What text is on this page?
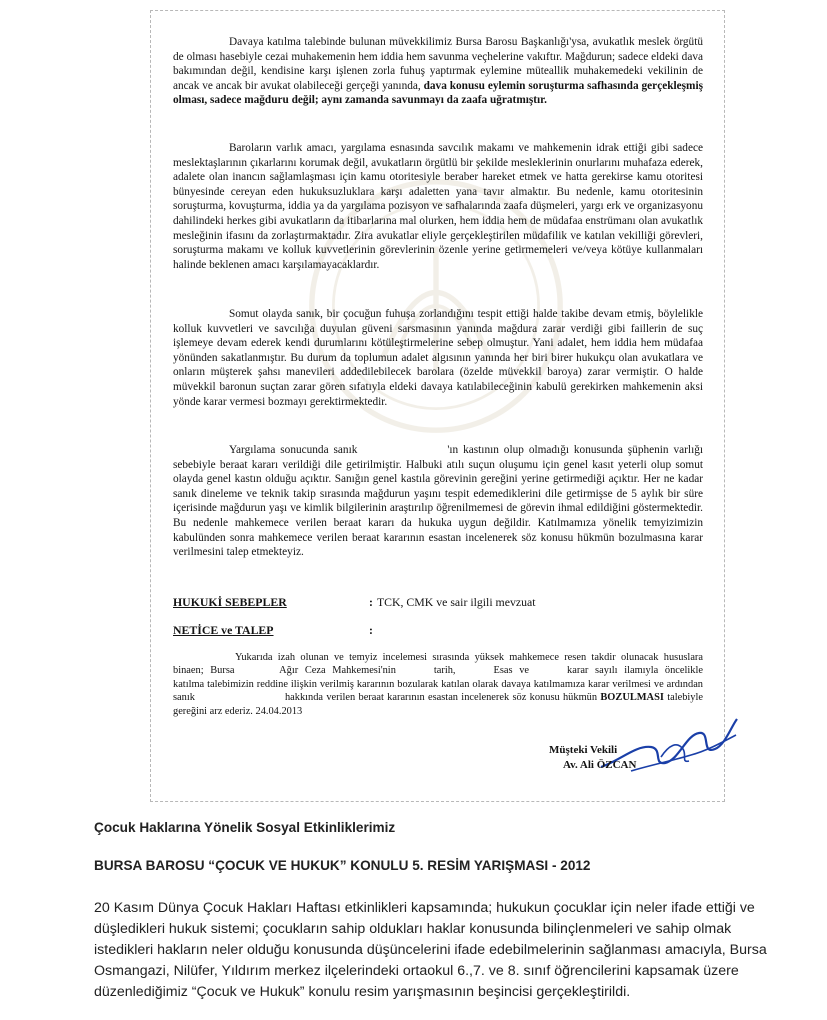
Davaya katılma talebinde bulunan müvekkilimiz Bursa Barosu Başkanlığı'ysa, avukatlık meslek örgütü de olması hasebiyle cezai muhakemenin hem iddia hem savunma veçhelerine vakıftır. Mağdurun; sadece eldeki dava bakımından değil, kendisine karşı işlenen zorla fuhuş yaptırmak eylemine müteallik muhakemedeki vekilinin de ancak ve ancak bir avukat olabileceği gerçeği yanında, dava konusu eylemin soruşturma safhasında gerçekleşmiş olması, sadece mağduru değil; aynı zamanda savunmayı da zaafa uğratmıştır.

Baroların varlık amacı, yargılama esnasında savcılık makamı ve mahkemenin idrak ettiği gibi sadece meslektaşlarının çıkarlarını korumak değil, avukatların örgütlü bir şekilde mesleklerinin onurlarını muhafaza ederek, adalete olan inancın sağlamlaşması için kamu otoritesiyle beraber hareket etmek ve hatta gerekirse kamu otoritesi bünyesinde cereyan eden hukuksuzluklara karşı adaletten yana tavır almaktır. Bu nedenle, kamu otoritesinin soruşturma, kovuşturma, iddia ya da yargılama pozisyon ve safhalarında zaafa düşmeleri, yargı erk ve organizasyonu dahilindeki herkes gibi avukatların da itibarlarına mal olurken, hem iddia hem de müdafaa enstrümanı olan avukatlık mesleğinin ifasını da zorlaştırmaktadır. Zira avukatlar eliyle gerçekleştirilen müdafilik ve katılan vekilliği görevleri, soruşturma makamı ve kolluk kuvvetlerinin görevlerinin özenle yerine getirmemeleri ve/veya kötüye kullanmaları halinde beklenen amacı karşılamayacaklardır.

Somut olayda sanık, bir çocuğun fuhuşa zorlandığını tespit ettiği halde takibe devam etmiş, böylelikle kolluk kuvvetleri ve savcılığa duyulan güveni sarsmasının yanında mağdura zarar verdiği gibi faillerin de suç işlemeye devam ederek kendi durumlarını kötüleştirmelerine sebep olmuştur. Yani adalet, hem iddia hem müdafaa yönünden sakatlanmıştır. Bu durum da toplumun adalet algısının yanında her biri birer hukukçu olan avukatlara ve onların müşterek şahsı manevileri addedilebilecek barolara (özelde müvekkil baroya) zarar vermiştir. O halde müvekkil baronun suçtan zarar gören sıfatıyla eldeki davaya katılabileceğinin kabulü gerekirken mahkemenin aksi yönde karar vermesi bozmayı gerektirmektedir.

Yargılama sonucunda sanık	'ın kastının olup olmadığı konusunda şüphenin varlığı sebebiyle beraat kararı verildiği dile getirilmiştir. Halbuki atılı suçun oluşumu için genel kasıt yeterli olup somut olayda genel kastın olduğu açıktır. Sanığın genel kastıla görevinin gereğini yerine getirmediği açıktır. Her ne kadar sanık dineleme ve teknik takip sırasında mağdurun yaşını tespit edemediklerini dile getirmişse de 5 aylık bir süre içerisinde mağdurun yaşı ve kimlik bilgilerinin araştırılıp öğrenilmemesi de görevin ihmal edildiğini göstermektedir. Bu nedenle mahkemece verilen beraat kararı da hukuka uygun değildir. Katılmamıza yönelik temyizimizin kabulünden sonra mahkemece verilen beraat kararının esastan incelenerek söz konusu hükmün bozulmasına karar verilmesini talep etmekteyiz.

HUKUKİ SEBEPLER	: TCK, CMK ve sair ilgili mevzuat
NETİCE ve TALEP	:

Yukarıda izah olunan ve temyiz incelemesi sırasında yüksek mahkemece resen takdir olunacak hususlara binaen; Bursa	Ağır Ceza Mahkemesi'nin	tarih,	Esas ve	karar sayılı ilamıyla öncelikle katılma talebimizin reddine ilişkin verilmiş kararının bozularak katılan olarak davaya katılmamıza karar verilmesi ve ardından sanık	hakkında verilen beraat kararının esastan incelenerek söz konusu hükmün BOZULMASI talebiyle gereğini arz ederiz. 24.04.2013

Müşteki Vekili
Av. Ali ÖZCAN
Çocuk Haklarına Yönelik Sosyal Etkinliklerimiz
BURSA BAROSU “ÇOCUK VE HUKUK” KONULU 5. RESİM YARIŞMASI - 2012

20 Kasım Dünya Çocuk Hakları Haftası etkinlikleri kapsamında; hukukun çocuklar için neler ifade ettiği ve düşledikleri hukuk sistemi; çocukların sahip oldukları haklar konusunda bilinçlenmeleri ve sahip olmak istedikleri hakların neler olduğu konusunda düşüncelerini ifade edebilmelerinin sağlanması amacıyla, Bursa Osmangazi, Nilüfer, Yıldırım merkez ilçelerindeki ortaokul 6.,7. ve 8. sınıf öğrencilerini kapsamak üzere düzenlediğimiz “Çocuk ve Hukuk” konulu resim yarışmasının beşincisi gerçekleştirildi.
